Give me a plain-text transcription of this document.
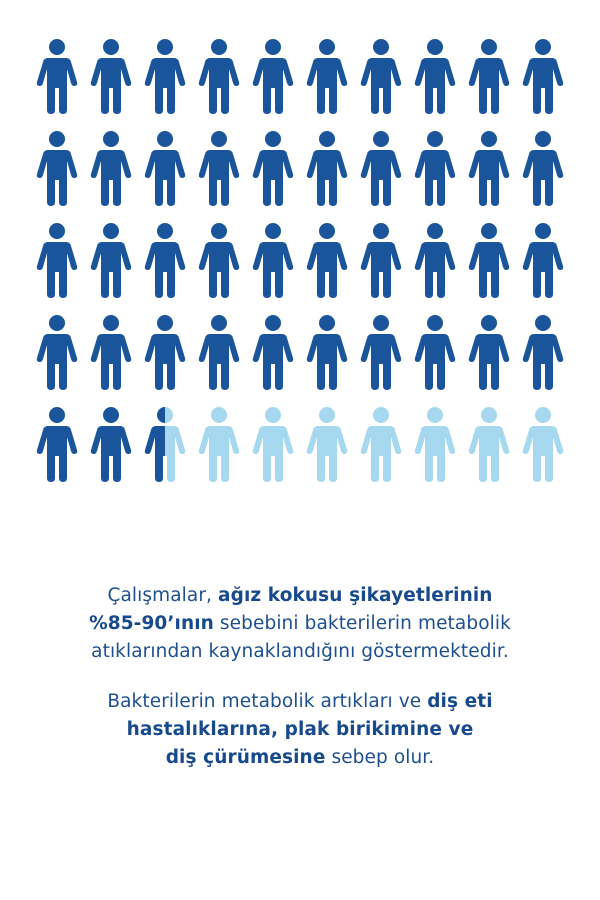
Çalışmalar, ağız kokusu şikayetlerinin
%85-90’ının sebebini bakterilerin metabolik
atıklarından kaynaklandığını göstermektedir.
Bakterilerin metabolik artıkları ve diş eti
hastalıklarına, plak birikimine ve
diş çürümesine sebep olur.
